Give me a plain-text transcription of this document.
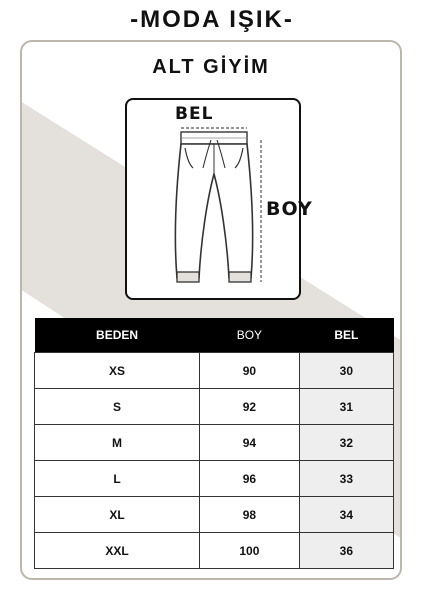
-MODA IŞIK-
ALT GİYİM
BEL
BOY
BEDEN	BOY	BEL
XS	90	30
S	92	31
M	94	32
L	96	33
XL	98	34
XXL	100	36
